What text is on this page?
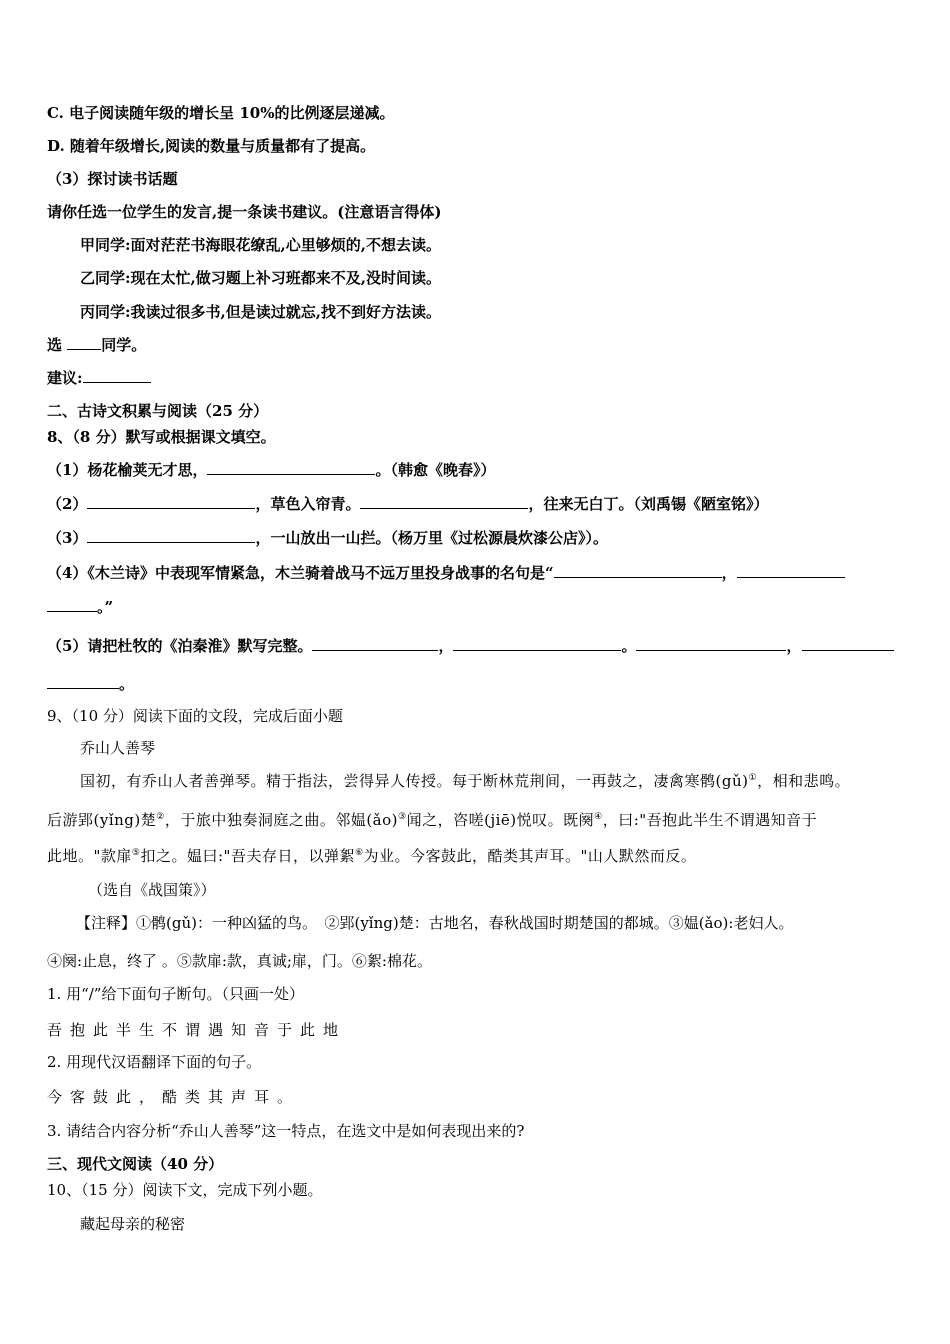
C. 电子阅读随年级的增长呈 10%的比例逐层递减。
D. 随着年级增长,阅读的数量与质量都有了提高。
（3）探讨读书话题
请你任选一位学生的发言,提一条读书建议。(注意语言得体)
甲同学:面对茫茫书海眼花缭乱,心里够烦的,不想去读。
乙同学:现在太忙,做习题上补习班都来不及,没时间读。
丙同学:我读过很多书,但是读过就忘,找不到好方法读。
选 同学。
建议:
二、古诗文积累与阅读（25 分）
8、（8 分）默写或根据课文填空。
（1）杨花榆荚无才思，	。（韩愈《晚春》）
（2）	，草色入帘青。	，往来无白丁。（刘禹锡《陋室铭》）
（3）	，一山放出一山拦。（杨万里《过松源晨炊漆公店》）。
（4）《木兰诗》中表现军情紧急，木兰骑着战马不远万里投身战事的名句是“	，
。”
（5）请把杜牧的《泊秦淮》默写完整。	，	。	，
。
9、（10 分）阅读下面的文段，完成后面小题
乔山人善琴
国初，有乔山人者善弹琴。精于指法，尝得异人传授。每于断林荒荆间，一再鼓之，凄禽寒鹘(gǔ)①，相和悲鸣。
后游郢(yǐng)楚②，于旅中独奏洞庭之曲。邻媪(ǎo)③闻之，咨嗟(jiē)悦叹。既阕④，曰:"吾抱此半生不谓遇知音于
此地。"款扉⑤扣之。媪曰:"吾夫存日，以弹絮⑥为业。今客鼓此，酷类其声耳。"山人默然而反。
（选自《战国策》）
【注释】①鹘(gǔ)：一种凶猛的鸟。　②郢(yǐng)楚：古地名，春秋战国时期楚国的都城。③媪(ǎo):老妇人。
④阕:止息，终了 。⑤款扉:款，真诚;扉，门。⑥絮:棉花。
1. 用“/”给下面句子断句。（只画一处）
吾抱此半生不谓遇知音于此地
2. 用现代汉语翻译下面的句子。
今客鼓此，酷类其声耳。
3. 请结合内容分析“乔山人善琴”这一特点，在选文中是如何表现出来的?
三、现代文阅读（40 分）
10、（15 分）阅读下文，完成下列小题。
藏起母亲的秘密
